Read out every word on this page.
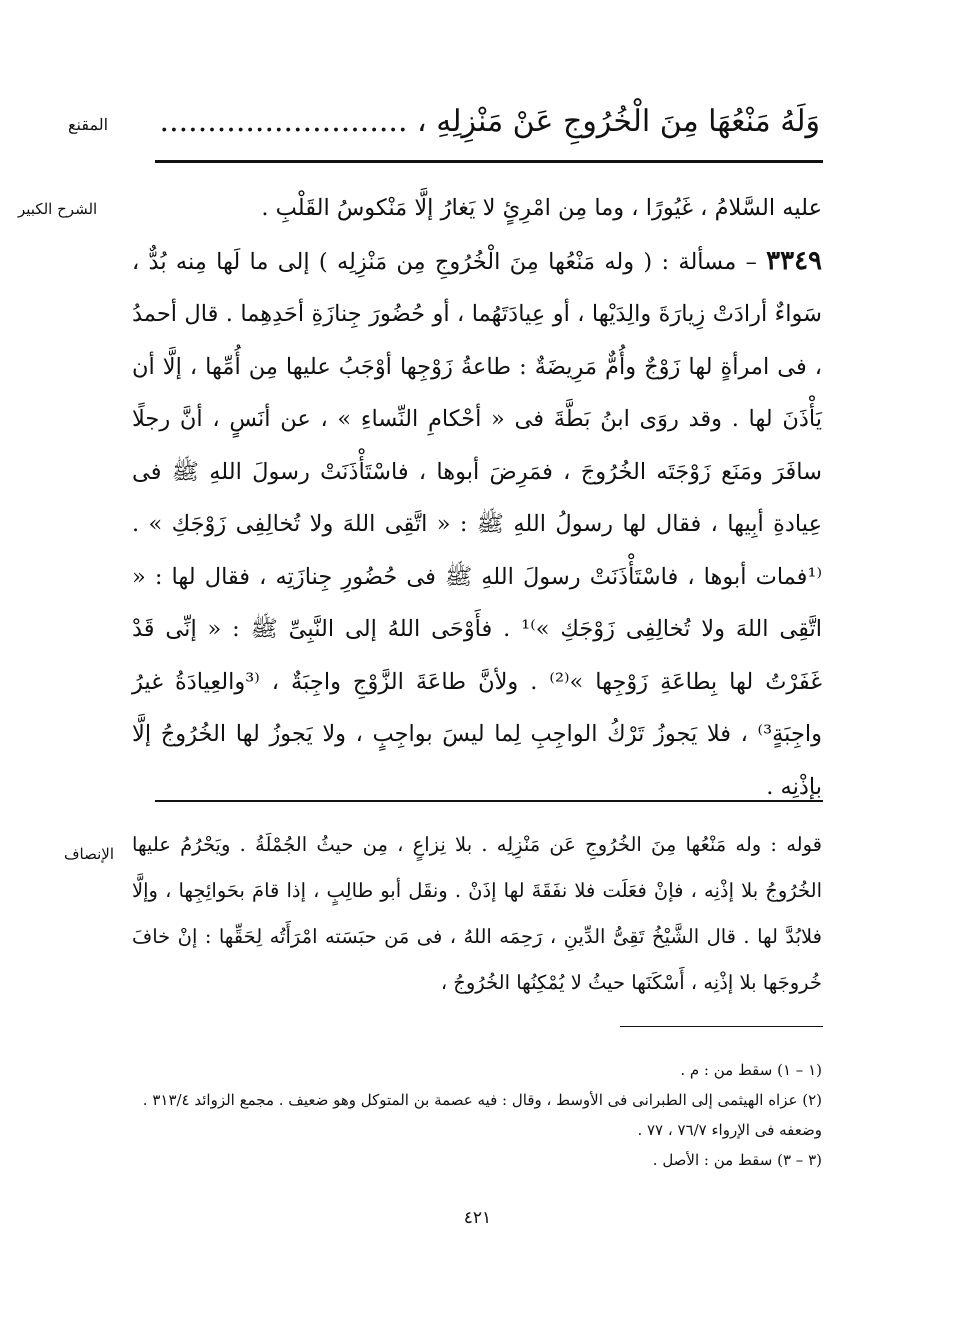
وَلَهُ مَنْعُهَا مِنَ الْخُرُوجِ عَنْ مَنْزِلِهِ ، ..........................
المقنع
الشرح الكبير
الإنصاف

عليه السَّلامُ ، غَيُورًا ، وما مِن امْرِئٍ لا يَغارُ إلَّا مَنْكوسُ القَلْبِ .

٣٣٤٩ – مسألة : ( وله مَنْعُها مِنَ الْخُرُوجِ مِن مَنْزِلِه ) إلى ما لَها مِنه بُدٌّ ، سَواءٌ أرادَتْ زِيارَةَ والِدَيْها ، أو عِيادَتَهُما ، أو حُضُورَ جِنازَةِ أحَدِهِما . قال أحمدُ ، فى امرأةٍ لها زَوْجٌ وأُمٌّ مَرِيضَةٌ : طاعةُ زَوْجِها أوْجَبُ عليها مِن أُمِّها ، إلَّا أن يَأْذَنَ لها . وقد روَى ابنُ بَطَّةَ فى « أحْكامِ النِّساءِ » ، عن أنَسٍ ، أنَّ رجلًا سافَرَ ومَنَع زَوْجَتَه الخُرُوجَ ، فمَرِضَ أبوها ، فاسْتَأْذَنَتْ رسولَ اللهِ ﷺ فى عِيادةِ أبِيها ، فقال لها رسولُ اللهِ ﷺ : « اتَّقِى اللهَ ولا تُخالِفِى زَوْجَكِ » . ⁽¹فمات أبوها ، فاسْتَأْذَنَتْ رسولَ اللهِ ﷺ فى حُضُورِ جِنازَتِه ، فقال لها : « اتَّقِى اللهَ ولا تُخالِفِى زَوْجَكِ »⁾¹ . فأَوْحَى اللهُ إلى النَّبِىِّ ﷺ : « إنِّى قَدْ غَفَرْتُ لها بِطاعَةِ زَوْجِها »⁽²⁾ . ولأنَّ طاعَةَ الزَّوْجِ واجِبَةٌ ، ⁽³والعِيادَةُ غيرُ واجِبَةٍ³⁾ ، فلا يَجوزُ تَرْكُ الواجِبِ لِما ليسَ بواجِبٍ ، ولا يَجوزُ لها الخُرُوجُ إلَّا بإذْنِه .

قوله : وله مَنْعُها مِنَ الخُرُوجِ عَن مَنْزِلِه . بلا نِزاعٍ ، مِن حيثُ الجُمْلَةُ . ويَحْرُمُ عليها الخُرُوجُ بلا إذْنِه ، فإنْ فعَلَت فلا نفَقَةَ لها إذَنْ . ونقَل أبو طالِبٍ ، إذا قامَ بحَوائِجِها ، وإلَّا فلابُدَّ لها . قال الشَّيْخُ تَقِىُّ الدِّينِ ، رَحِمَه اللهُ ، فى مَن حبَسَته امْرَأَتُه لِحَقِّها : إنْ خافَ خُروجَها بلا إذْنِه ، أَسْكَنَها حيثُ لا يُمْكِنُها الخُرُوجُ ،

(١ – ١) سقط من : م .

(٢) عزاه الهيثمى إلى الطبرانى فى الأوسط ، وقال : فيه عصمة بن المتوكل وهو ضعيف . مجمع الزوائد ٣١٣/٤ .

وضعفه فى الإرواء ٧٦/٧ ، ٧٧ .

(٣ – ٣) سقط من : الأصل .

٤٢١
